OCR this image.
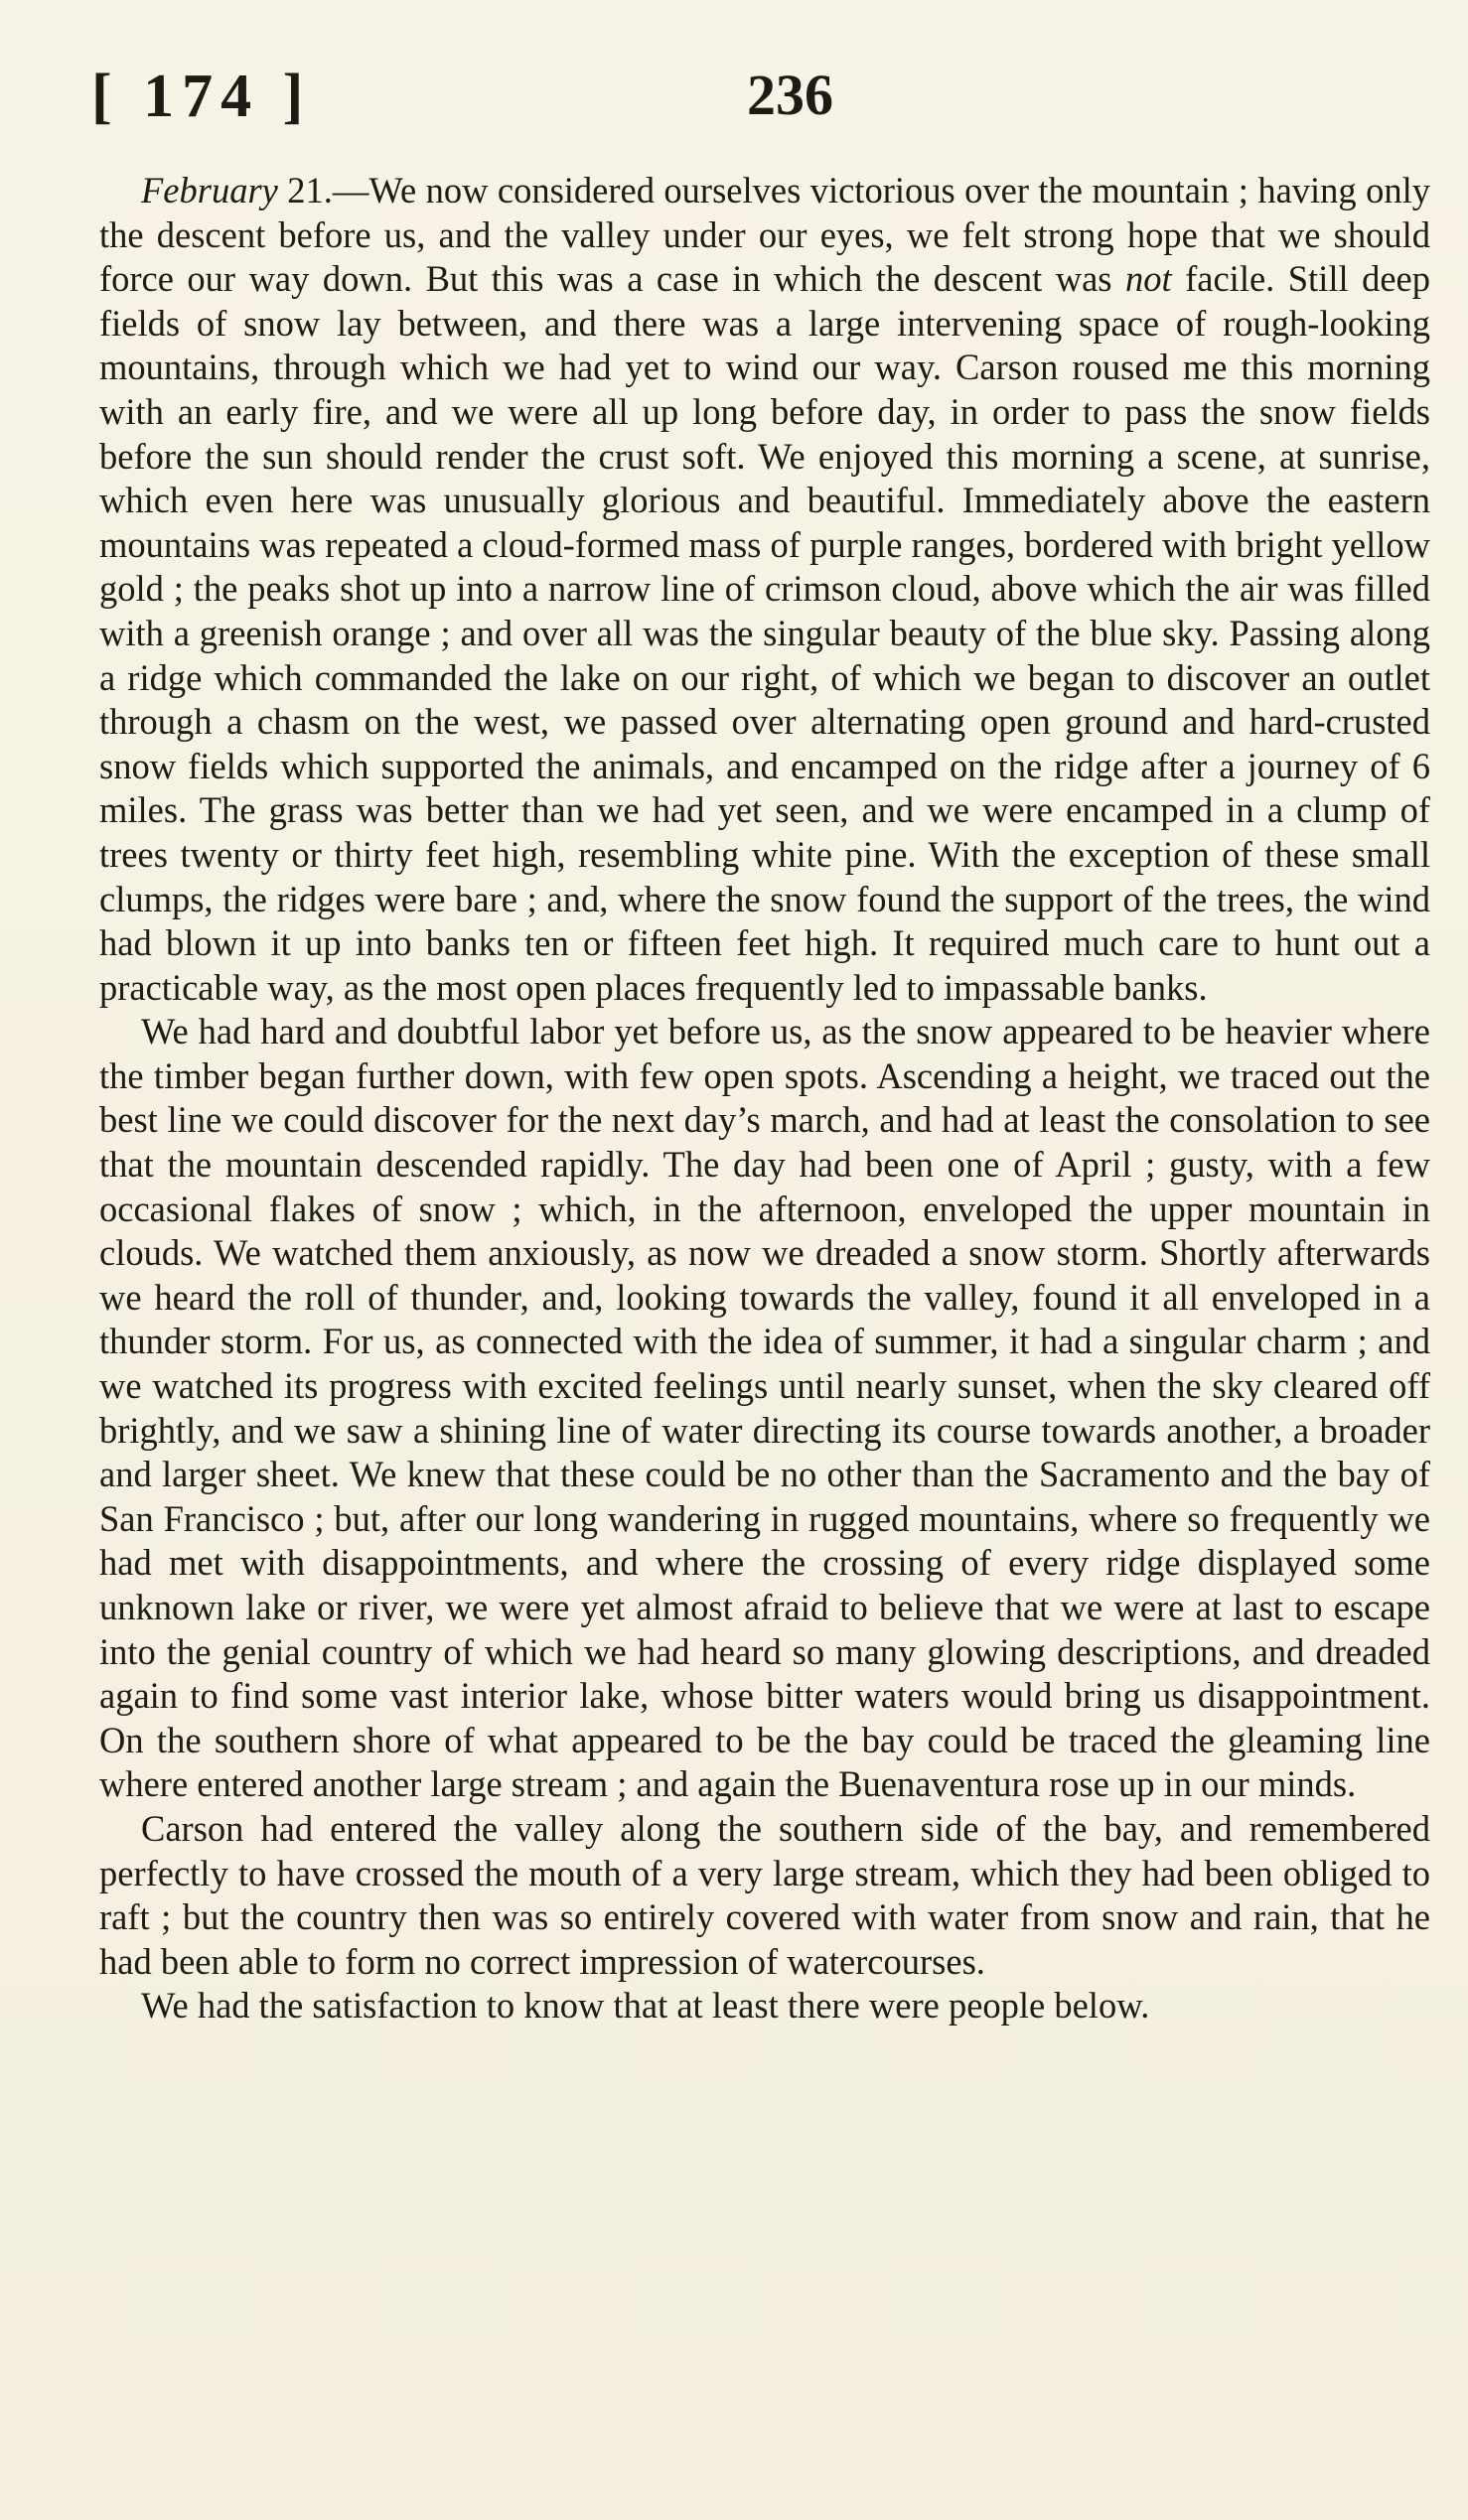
[ 174 ]	236

February 21.—We now considered ourselves victorious over the mountain ; having only the descent before us, and the valley under our eyes, we felt strong hope that we should force our way down. But this was a case in which the descent was not facile. Still deep fields of snow lay between, and there was a large intervening space of rough-looking mountains, through which we had yet to wind our way. Carson roused me this morning with an early fire, and we were all up long before day, in order to pass the snow fields before the sun should render the crust soft. We enjoyed this morning a scene, at sunrise, which even here was unusually glorious and beautiful. Immediately above the eastern mountains was repeated a cloud-formed mass of purple ranges, bordered with bright yellow gold ; the peaks shot up into a narrow line of crimson cloud, above which the air was filled with a greenish orange ; and over all was the singular beauty of the blue sky. Passing along a ridge which commanded the lake on our right, of which we began to discover an outlet through a chasm on the west, we passed over alternating open ground and hard-crusted snow fields which supported the animals, and encamped on the ridge after a journey of 6 miles. The grass was better than we had yet seen, and we were encamped in a clump of trees twenty or thirty feet high, resembling white pine. With the exception of these small clumps, the ridges were bare ; and, where the snow found the support of the trees, the wind had blown it up into banks ten or fifteen feet high. It required much care to hunt out a practicable way, as the most open places frequently led to impassable banks.

We had hard and doubtful labor yet before us, as the snow appeared to be heavier where the timber began further down, with few open spots. Ascending a height, we traced out the best line we could discover for the next day’s march, and had at least the consolation to see that the mountain descended rapidly. The day had been one of April ; gusty, with a few occasional flakes of snow ; which, in the afternoon, enveloped the upper mountain in clouds. We watched them anxiously, as now we dreaded a snow storm. Shortly afterwards we heard the roll of thunder, and, looking towards the valley, found it all enveloped in a thunder storm. For us, as connected with the idea of summer, it had a singular charm ; and we watched its progress with excited feelings until nearly sunset, when the sky cleared off brightly, and we saw a shining line of water directing its course towards another, a broader and larger sheet. We knew that these could be no other than the Sacramento and the bay of San Francisco ; but, after our long wandering in rugged mountains, where so frequently we had met with disappointments, and where the crossing of every ridge displayed some unknown lake or river, we were yet almost afraid to believe that we were at last to escape into the genial country of which we had heard so many glowing descriptions, and dreaded again to find some vast interior lake, whose bitter waters would bring us disappointment. On the southern shore of what appeared to be the bay could be traced the gleaming line where entered another large stream ; and again the Buenaventura rose up in our minds.

Carson had entered the valley along the southern side of the bay, and remembered perfectly to have crossed the mouth of a very large stream, which they had been obliged to raft ; but the country then was so entirely covered with water from snow and rain, that he had been able to form no correct impression of watercourses.

We had the satisfaction to know that at least there were people below.
